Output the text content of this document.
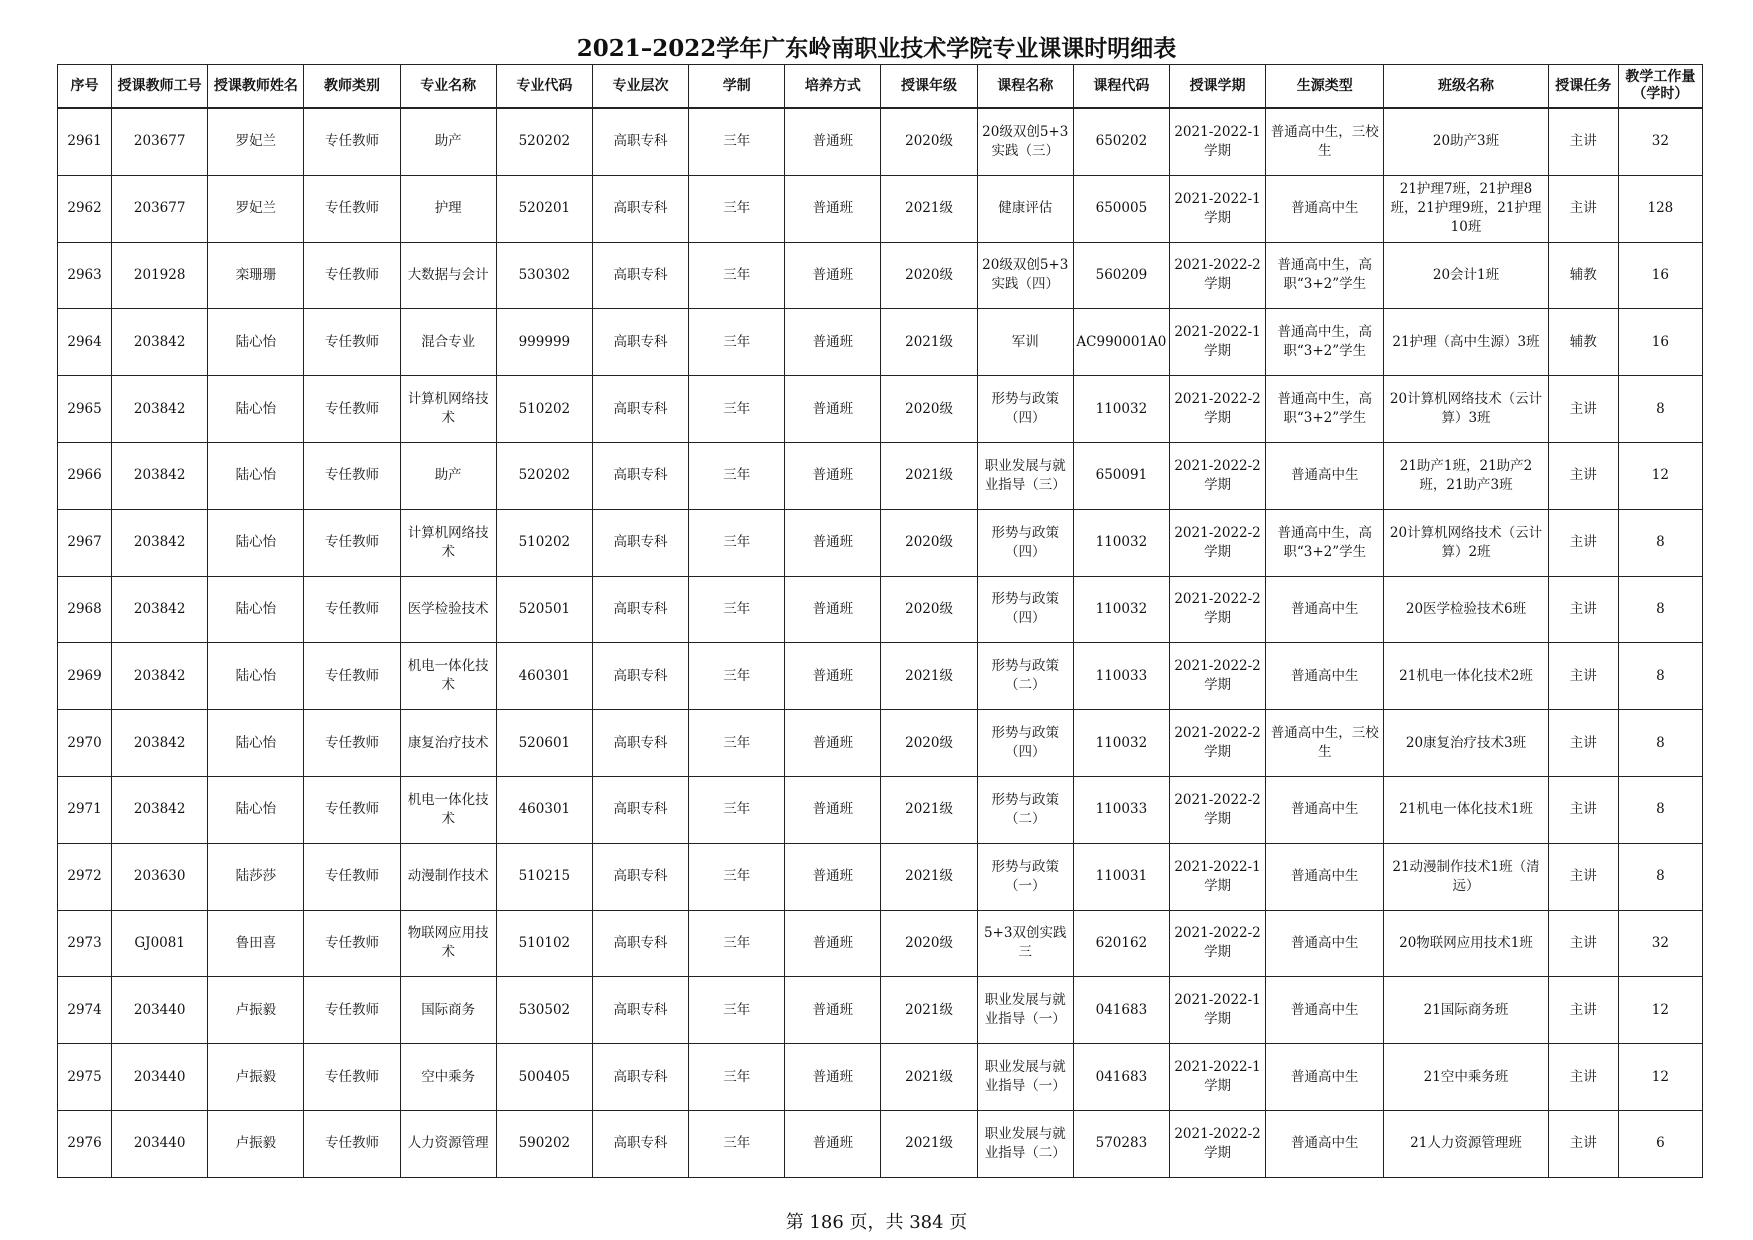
2021–2022学年广东岭南职业技术学院专业课课时明细表
序号	授课教师工号	授课教师姓名	教师类别	专业名称	专业代码	专业层次	学制	培养方式	授课年级	课程名称	课程代码	授课学期	生源类型	班级名称	授课任务	教学工作量（学时）
2961	203677	罗妃兰	专任教师	助产	520202	高职专科	三年	普通班	2020级	20级双创5+3实践（三）	650202	2021-2022-1学期	普通高中生，三校生	20助产3班	主讲	32
2962	203677	罗妃兰	专任教师	护理	520201	高职专科	三年	普通班	2021级	健康评估	650005	2021-2022-1学期	普通高中生	21护理7班，21护理8班，21护理9班，21护理10班	主讲	128
2963	201928	栾珊珊	专任教师	大数据与会计	530302	高职专科	三年	普通班	2020级	20级双创5+3实践（四）	560209	2021-2022-2学期	普通高中生，高职“3+2”学生	20会计1班	辅教	16
2964	203842	陆心怡	专任教师	混合专业	999999	高职专科	三年	普通班	2021级	军训	AC990001A0	2021-2022-1学期	普通高中生，高职“3+2”学生	21护理（高中生源）3班	辅教	16
2965	203842	陆心怡	专任教师	计算机网络技术	510202	高职专科	三年	普通班	2020级	形势与政策（四）	110032	2021-2022-2学期	普通高中生，高职“3+2”学生	20计算机网络技术（云计算）3班	主讲	8
2966	203842	陆心怡	专任教师	助产	520202	高职专科	三年	普通班	2021级	职业发展与就业指导（三）	650091	2021-2022-2学期	普通高中生	21助产1班，21助产2班，21助产3班	主讲	12
2967	203842	陆心怡	专任教师	计算机网络技术	510202	高职专科	三年	普通班	2020级	形势与政策（四）	110032	2021-2022-2学期	普通高中生，高职“3+2”学生	20计算机网络技术（云计算）2班	主讲	8
2968	203842	陆心怡	专任教师	医学检验技术	520501	高职专科	三年	普通班	2020级	形势与政策（四）	110032	2021-2022-2学期	普通高中生	20医学检验技术6班	主讲	8
2969	203842	陆心怡	专任教师	机电一体化技术	460301	高职专科	三年	普通班	2021级	形势与政策（二）	110033	2021-2022-2学期	普通高中生	21机电一体化技术2班	主讲	8
2970	203842	陆心怡	专任教师	康复治疗技术	520601	高职专科	三年	普通班	2020级	形势与政策（四）	110032	2021-2022-2学期	普通高中生，三校生	20康复治疗技术3班	主讲	8
2971	203842	陆心怡	专任教师	机电一体化技术	460301	高职专科	三年	普通班	2021级	形势与政策（二）	110033	2021-2022-2学期	普通高中生	21机电一体化技术1班	主讲	8
2972	203630	陆莎莎	专任教师	动漫制作技术	510215	高职专科	三年	普通班	2021级	形势与政策（一）	110031	2021-2022-1学期	普通高中生	21动漫制作技术1班（清远）	主讲	8
2973	GJ0081	鲁田喜	专任教师	物联网应用技术	510102	高职专科	三年	普通班	2020级	5+3双创实践三	620162	2021-2022-2学期	普通高中生	20物联网应用技术1班	主讲	32
2974	203440	卢振毅	专任教师	国际商务	530502	高职专科	三年	普通班	2021级	职业发展与就业指导（一）	041683	2021-2022-1学期	普通高中生	21国际商务班	主讲	12
2975	203440	卢振毅	专任教师	空中乘务	500405	高职专科	三年	普通班	2021级	职业发展与就业指导（一）	041683	2021-2022-1学期	普通高中生	21空中乘务班	主讲	12
2976	203440	卢振毅	专任教师	人力资源管理	590202	高职专科	三年	普通班	2021级	职业发展与就业指导（二）	570283	2021-2022-2学期	普通高中生	21人力资源管理班	主讲	6
第 186 页，共 384 页
